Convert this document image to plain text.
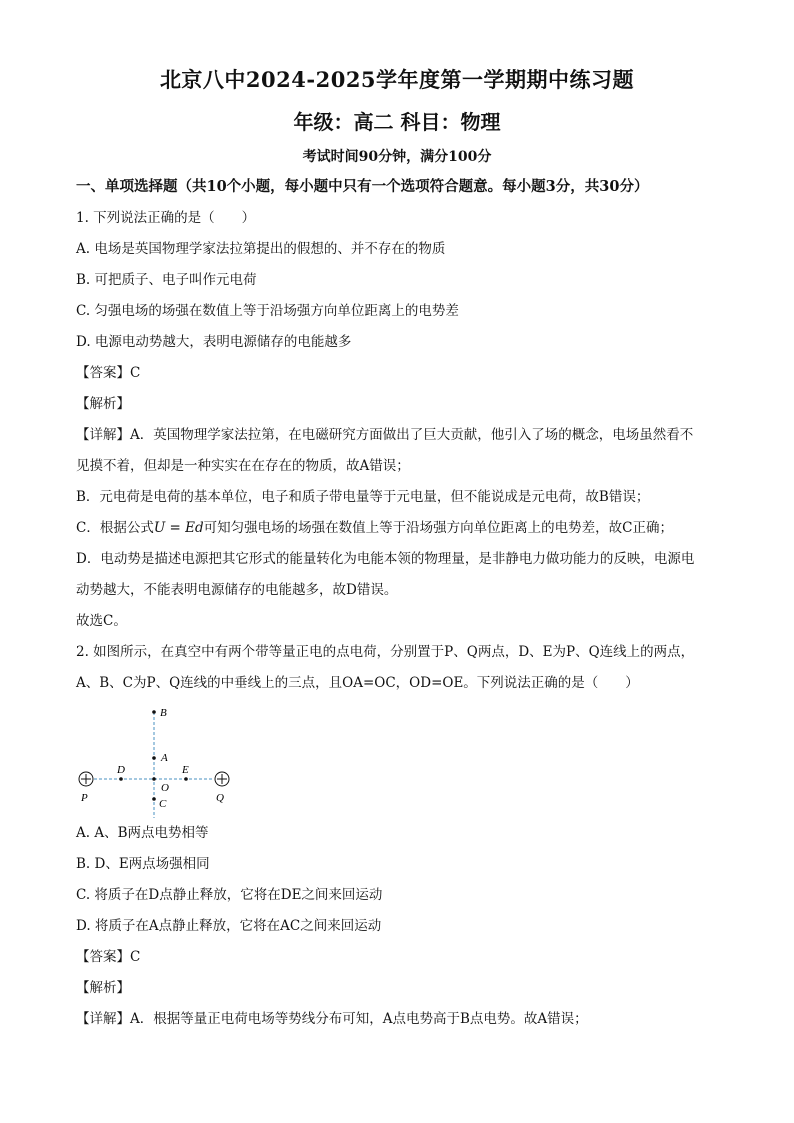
北京八中2024-2025学年度第一学期期中练习题
年级：高二 科目：物理
考试时间90分钟，满分100分
一、单项选择题（共10个小题，每小题中只有一个选项符合题意。每小题3分，共30分）
1. 下列说法正确的是（　　）
A. 电场是英国物理学家法拉第提出的假想的、并不存在的物质
B. 可把质子、电子叫作元电荷
C. 匀强电场的场强在数值上等于沿场强方向单位距离上的电势差
D. 电源电动势越大，表明电源储存的电能越多
【答案】C
【解析】
【详解】A．英国物理学家法拉第，在电磁研究方面做出了巨大贡献，他引入了场的概念，电场虽然看不
见摸不着，但却是一种实实在在存在的物质，故A错误；
B．元电荷是电荷的基本单位，电子和质子带电量等于元电量，但不能说成是元电荷，故B错误；
C．根据公式U = Ed可知匀强电场的场强在数值上等于沿场强方向单位距离上的电势差，故C正确；
D．电动势是描述电源把其它形式的能量转化为电能本领的物理量，是非静电力做功能力的反映，电源电
动势越大，不能表明电源储存的电能越多，故D错误。
故选C。
2. 如图所示，在真空中有两个带等量正电的点电荷，分别置于P、Q两点，D、E为P、Q连线上的两点，
A、B、C为P、Q连线的中垂线上的三点，且OA=OC，OD=OE。下列说法正确的是（　　）
B
A
D	E
O
C
P	Q
A. A、B两点电势相等
B. D、E两点场强相同
C. 将质子在D点静止释放，它将在DE之间来回运动
D. 将质子在A点静止释放，它将在AC之间来回运动
【答案】C
【解析】
【详解】A．根据等量正电荷电场等势线分布可知，A点电势高于B点电势。故A错误；
